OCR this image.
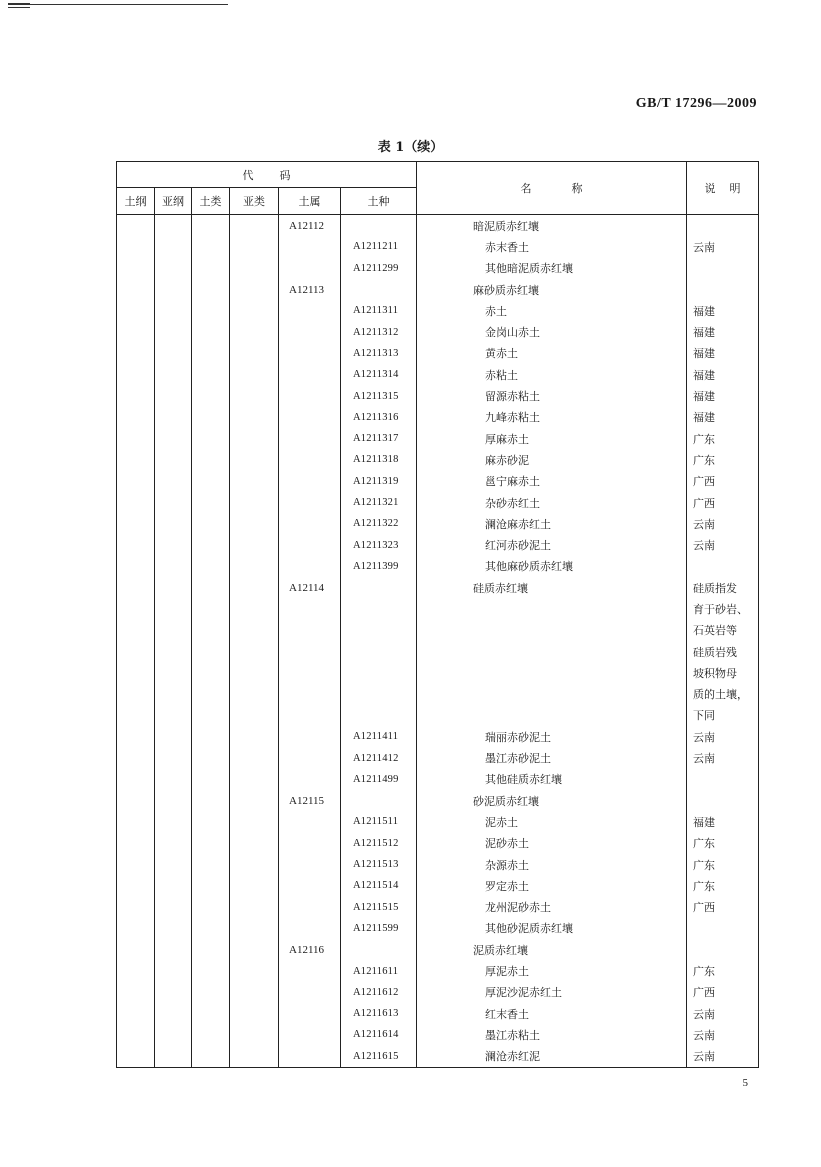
GB/T 17296—2009
表 1（续）
代码						名称	说明
土纲	亚纲	土类	亚类	土属	土种		
				A12112		暗泥质赤红壤	
					A1211211	赤末香土	云南
					A1211299	其他暗泥质赤红壤	
				A12113		麻砂质赤红壤	
					A1211311	赤土	福建
					A1211312	金岗山赤土	福建
					A1211313	黄赤土	福建
					A1211314	赤粘土	福建
					A1211315	留源赤粘土	福建
					A1211316	九峰赤粘土	福建
					A1211317	厚麻赤土	广东
					A1211318	麻赤砂泥	广东
					A1211319	邕宁麻赤土	广西
					A1211321	杂砂赤红土	广西
					A1211322	澜沧麻赤红土	云南
					A1211323	红河赤砂泥土	云南
					A1211399	其他麻砂质赤红壤	
				A12114		硅质赤红壤	硅质指发
							育于砂岩、
							石英岩等
							硅质岩残
							坡积物母
							质的土壤，
							下同
					A1211411	瑞丽赤砂泥土	云南
					A1211412	墨江赤砂泥土	云南
					A1211499	其他硅质赤红壤	
				A12115		砂泥质赤红壤	
					A1211511	泥赤土	福建
					A1211512	泥砂赤土	广东
					A1211513	杂源赤土	广东
					A1211514	罗定赤土	广东
					A1211515	龙州泥砂赤土	广西
					A1211599	其他砂泥质赤红壤	
				A12116		泥质赤红壤	
					A1211611	厚泥赤土	广东
					A1211612	厚泥沙泥赤红土	广西
					A1211613	红末香土	云南
					A1211614	墨江赤粘土	云南
					A1211615	澜沧赤红泥	云南
5
